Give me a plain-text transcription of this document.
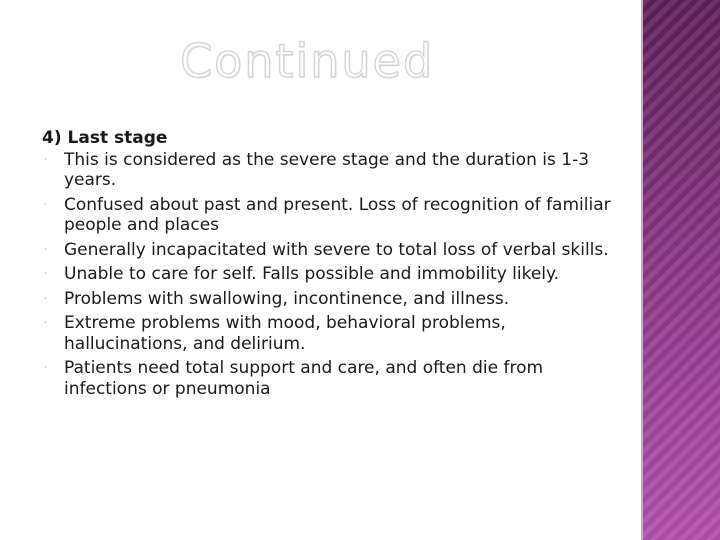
Continued
4) Last stage
· This is considered as the severe stage and the duration is 1-3 years.
· Confused about past and present. Loss of recognition of familiar people and places
· Generally incapacitated with severe to total loss of verbal skills.
· Unable to care for self. Falls possible and immobility likely.
· Problems with swallowing, incontinence, and illness.
· Extreme problems with mood, behavioral problems, hallucinations, and delirium.
· Patients need total support and care, and often die from infections or pneumonia
